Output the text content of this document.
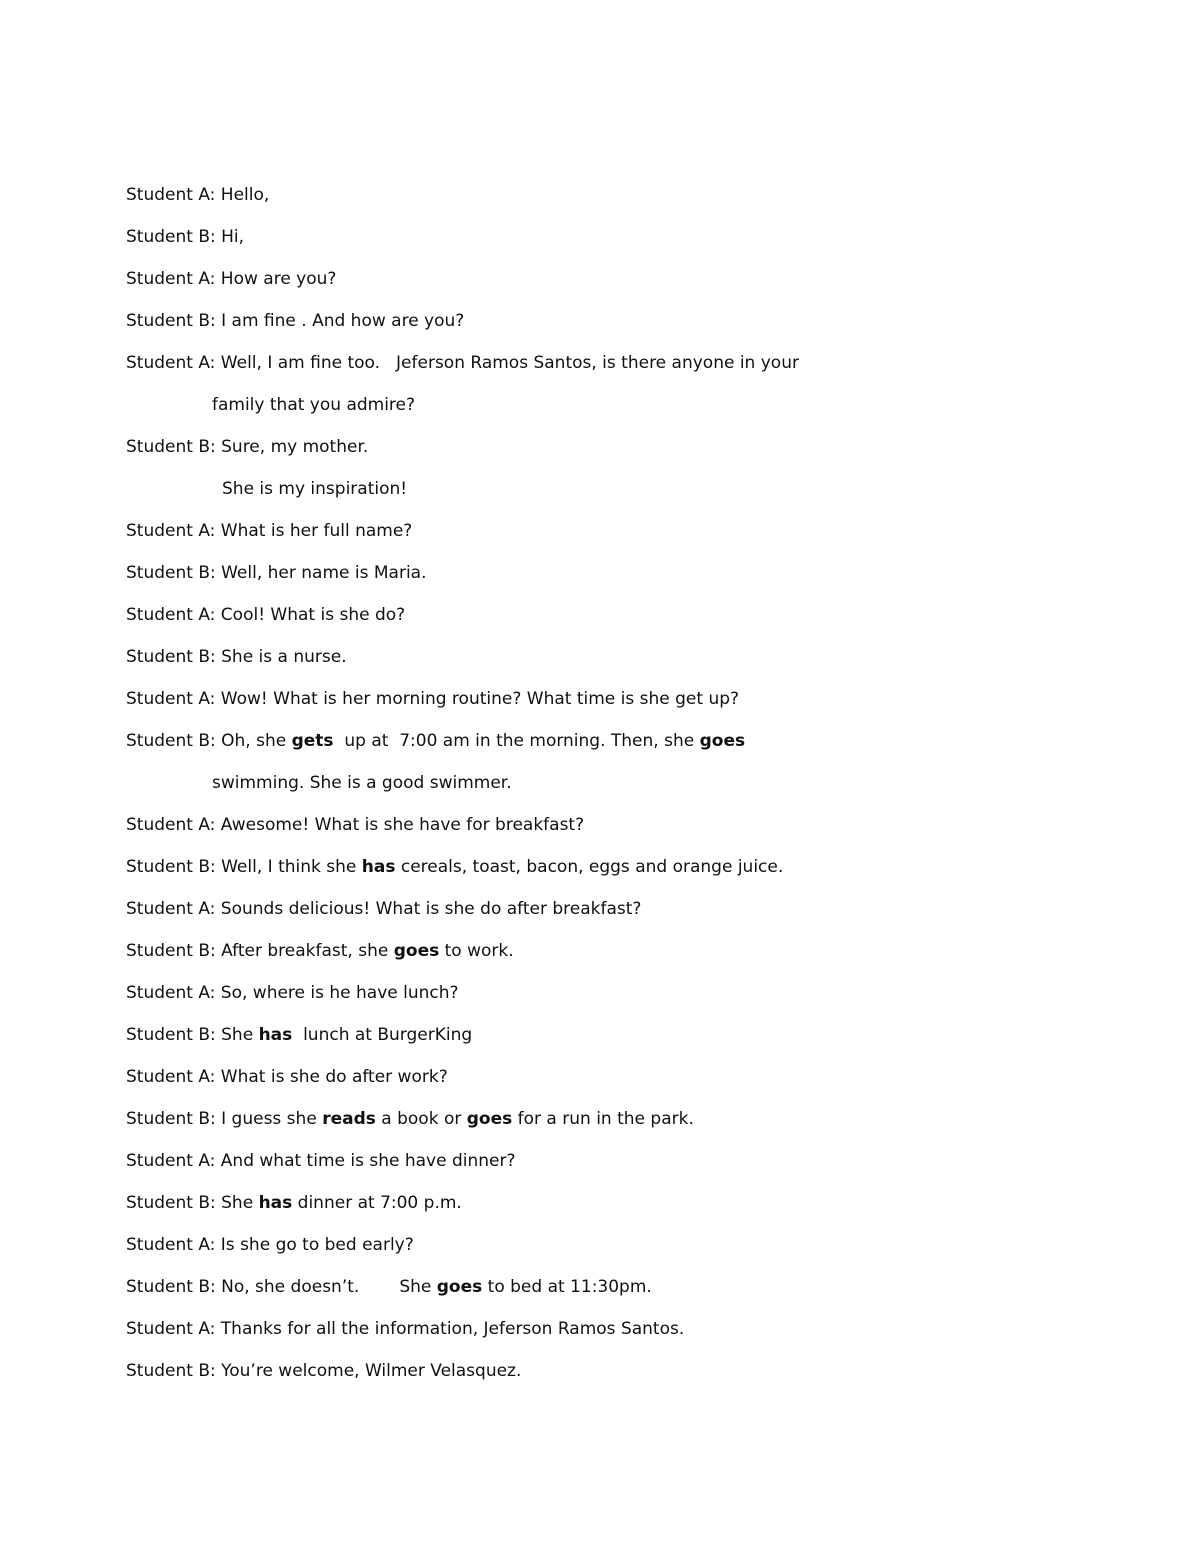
Student A: Hello,
Student B: Hi,
Student A: How are you?
Student B: I am fine . And how are you?
Student A: Well, I am fine too. Jeferson Ramos Santos, is there anyone in your
family that you admire?
Student B: Sure, my mother.
She is my inspiration!
Student A: What is her full name?
Student B: Well, her name is Maria.
Student A: Cool! What is she do?
Student B: She is a nurse.
Student A: Wow! What is her morning routine? What time is she get up?
Student B: Oh, she gets  up at  7:00 am in the morning. Then, she goes
swimming. She is a good swimmer.
Student A: Awesome! What is she have for breakfast?
Student B: Well, I think she has cereals, toast, bacon, eggs and orange juice.
Student A: Sounds delicious! What is she do after breakfast?
Student B: After breakfast, she goes to work.
Student A: So, where is he have lunch?
Student B: She has  lunch at BurgerKing
Student A: What is she do after work?
Student B: I guess she reads a book or goes for a run in the park.
Student A: And what time is she have dinner?
Student B: She has dinner at 7:00 p.m.
Student A: Is she go to bed early?
Student B: No, she doesn’t. She goes to bed at 11:30pm.
Student A: Thanks for all the information, Jeferson Ramos Santos.
Student B: You’re welcome, Wilmer Velasquez.
